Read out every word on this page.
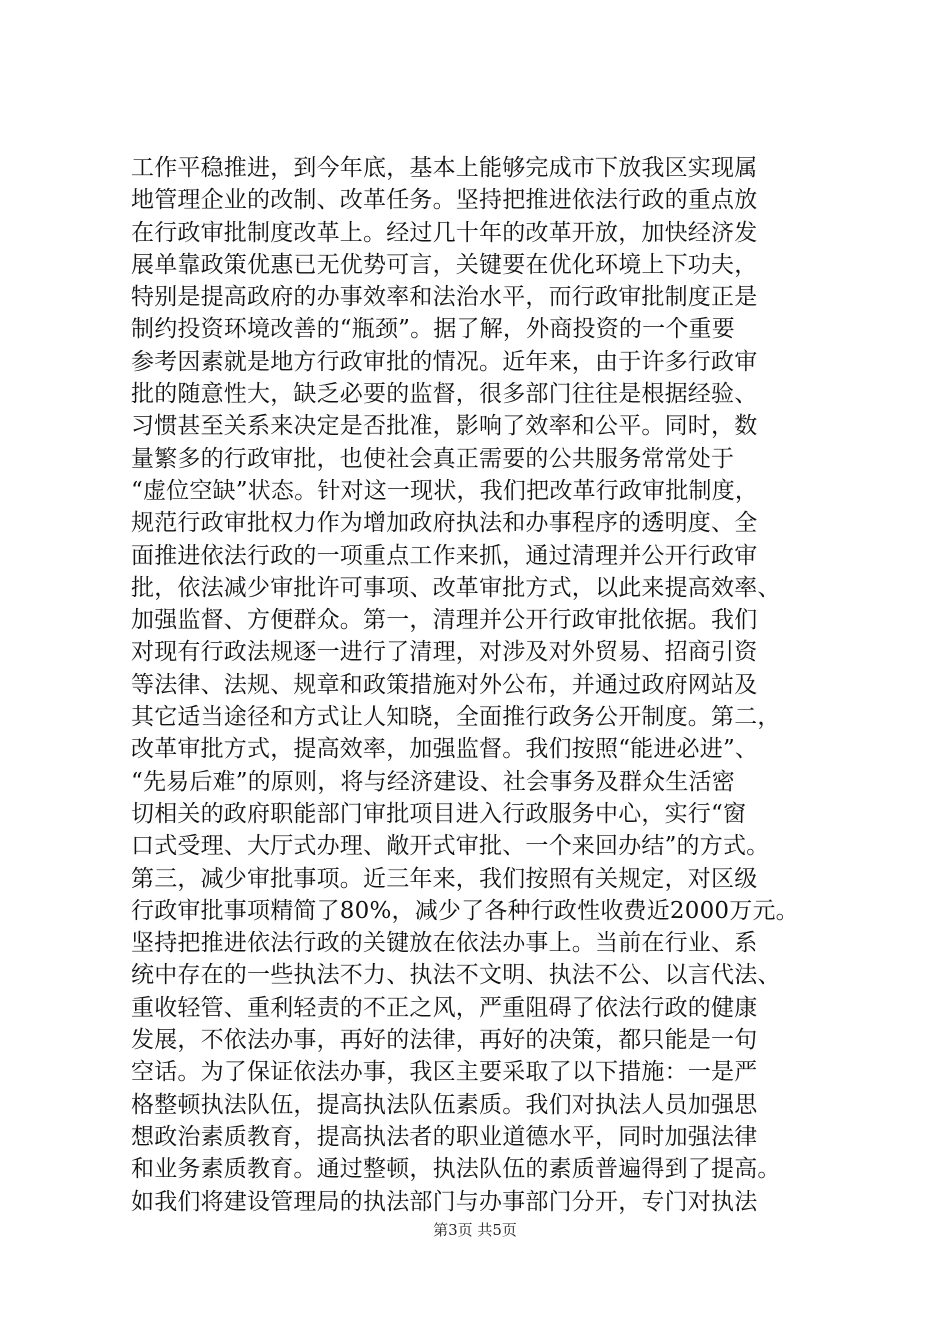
工作平稳推进，到今年底，基本上能够完成市下放我区实现属
地管理企业的改制、改革任务。坚持把推进依法行政的重点放
在行政审批制度改革上。经过几十年的改革开放，加快经济发
展单靠政策优惠已无优势可言，关键要在优化环境上下功夫，
特别是提高政府的办事效率和法治水平，而行政审批制度正是
制约投资环境改善的“瓶颈”。据了解，外商投资的一个重要
参考因素就是地方行政审批的情况。近年来，由于许多行政审
批的随意性大，缺乏必要的监督，很多部门往往是根据经验、
习惯甚至关系来决定是否批准，影响了效率和公平。同时，数
量繁多的行政审批，也使社会真正需要的公共服务常常处于
“虚位空缺”状态。针对这一现状，我们把改革行政审批制度，
规范行政审批权力作为增加政府执法和办事程序的透明度、全
面推进依法行政的一项重点工作来抓，通过清理并公开行政审
批，依法减少审批许可事项、改革审批方式，以此来提高效率、
加强监督、方便群众。第一，清理并公开行政审批依据。我们
对现有行政法规逐一进行了清理，对涉及对外贸易、招商引资
等法律、法规、规章和政策措施对外公布，并通过政府网站及
其它适当途径和方式让人知晓，全面推行政务公开制度。第二，
改革审批方式，提高效率，加强监督。我们按照“能进必进”、
“先易后难”的原则，将与经济建设、社会事务及群众生活密
切相关的政府职能部门审批项目进入行政服务中心，实行“窗
口式受理、大厅式办理、敞开式审批、一个来回办结”的方式。
第三，减少审批事项。近三年来，我们按照有关规定，对区级
行政审批事项精简了80%，减少了各种行政性收费近2000万元。
坚持把推进依法行政的关键放在依法办事上。当前在行业、系
统中存在的一些执法不力、执法不文明、执法不公、以言代法、
重收轻管、重利轻责的不正之风，严重阻碍了依法行政的健康
发展，不依法办事，再好的法律，再好的决策，都只能是一句
空话。为了保证依法办事，我区主要采取了以下措施：一是严
格整顿执法队伍，提高执法队伍素质。我们对执法人员加强思
想政治素质教育，提高执法者的职业道德水平，同时加强法律
和业务素质教育。通过整顿，执法队伍的素质普遍得到了提高。
如我们将建设管理局的执法部门与办事部门分开，专门对执法
第3页 共5页
